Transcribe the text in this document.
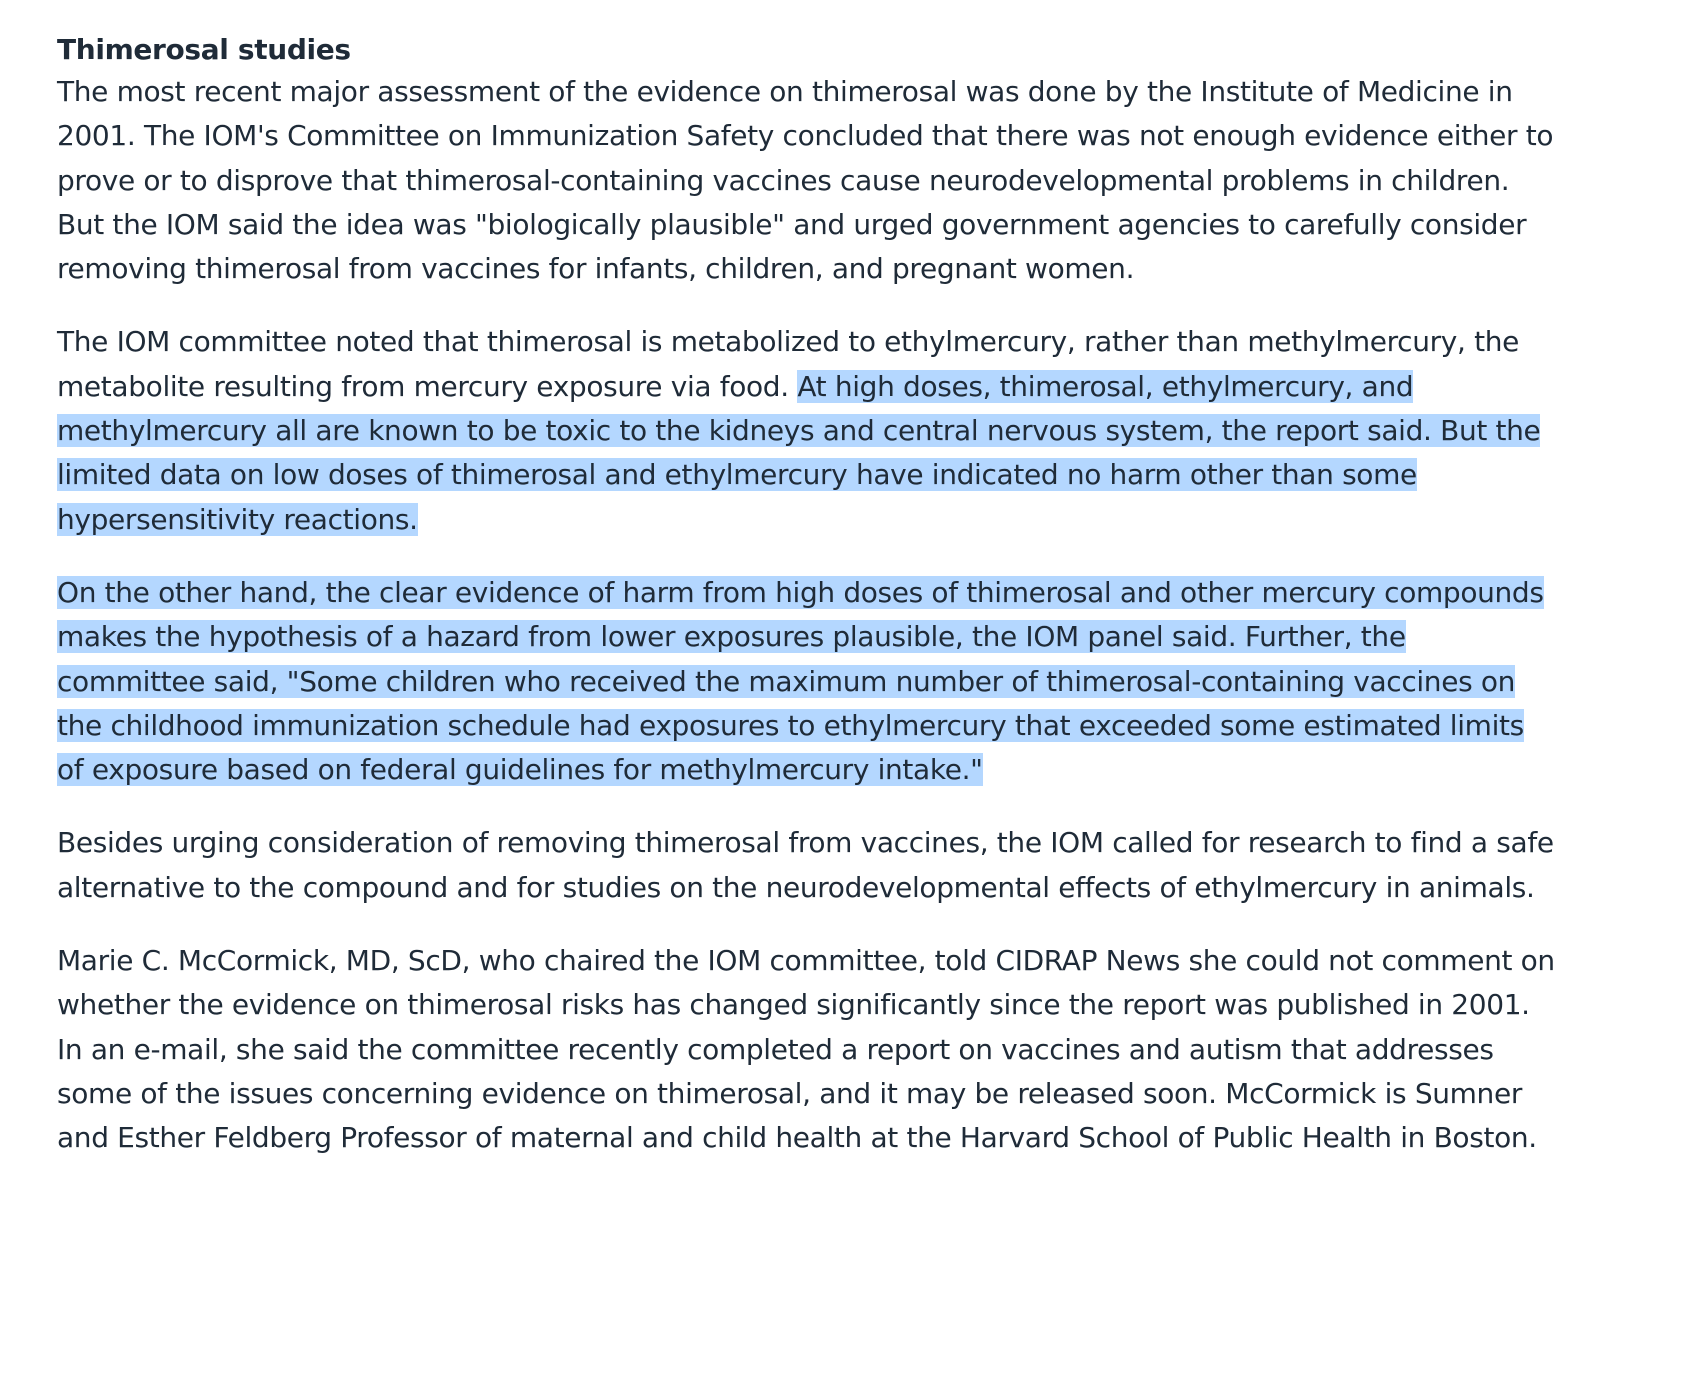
Thimerosal studies

The most recent major assessment of the evidence on thimerosal was done by the Institute of Medicine in 2001. The IOM's Committee on Immunization Safety concluded that there was not enough evidence either to prove or to disprove that thimerosal-containing vaccines cause neurodevelopmental problems in children. But the IOM said the idea was "biologically plausible" and urged government agencies to carefully consider removing thimerosal from vaccines for infants, children, and pregnant women.

The IOM committee noted that thimerosal is metabolized to ethylmercury, rather than methylmercury, the metabolite resulting from mercury exposure via food. At high doses, thimerosal, ethylmercury, and methylmercury all are known to be toxic to the kidneys and central nervous system, the report said. But the limited data on low doses of thimerosal and ethylmercury have indicated no harm other than some hypersensitivity reactions.

On the other hand, the clear evidence of harm from high doses of thimerosal and other mercury compounds makes the hypothesis of a hazard from lower exposures plausible, the IOM panel said. Further, the committee said, "Some children who received the maximum number of thimerosal-containing vaccines on the childhood immunization schedule had exposures to ethylmercury that exceeded some estimated limits of exposure based on federal guidelines for methylmercury intake."

Besides urging consideration of removing thimerosal from vaccines, the IOM called for research to find a safe alternative to the compound and for studies on the neurodevelopmental effects of ethylmercury in animals.

Marie C. McCormick, MD, ScD, who chaired the IOM committee, told CIDRAP News she could not comment on whether the evidence on thimerosal risks has changed significantly since the report was published in 2001. In an e-mail, she said the committee recently completed a report on vaccines and autism that addresses some of the issues concerning evidence on thimerosal, and it may be released soon. McCormick is Sumner and Esther Feldberg Professor of maternal and child health at the Harvard School of Public Health in Boston.
